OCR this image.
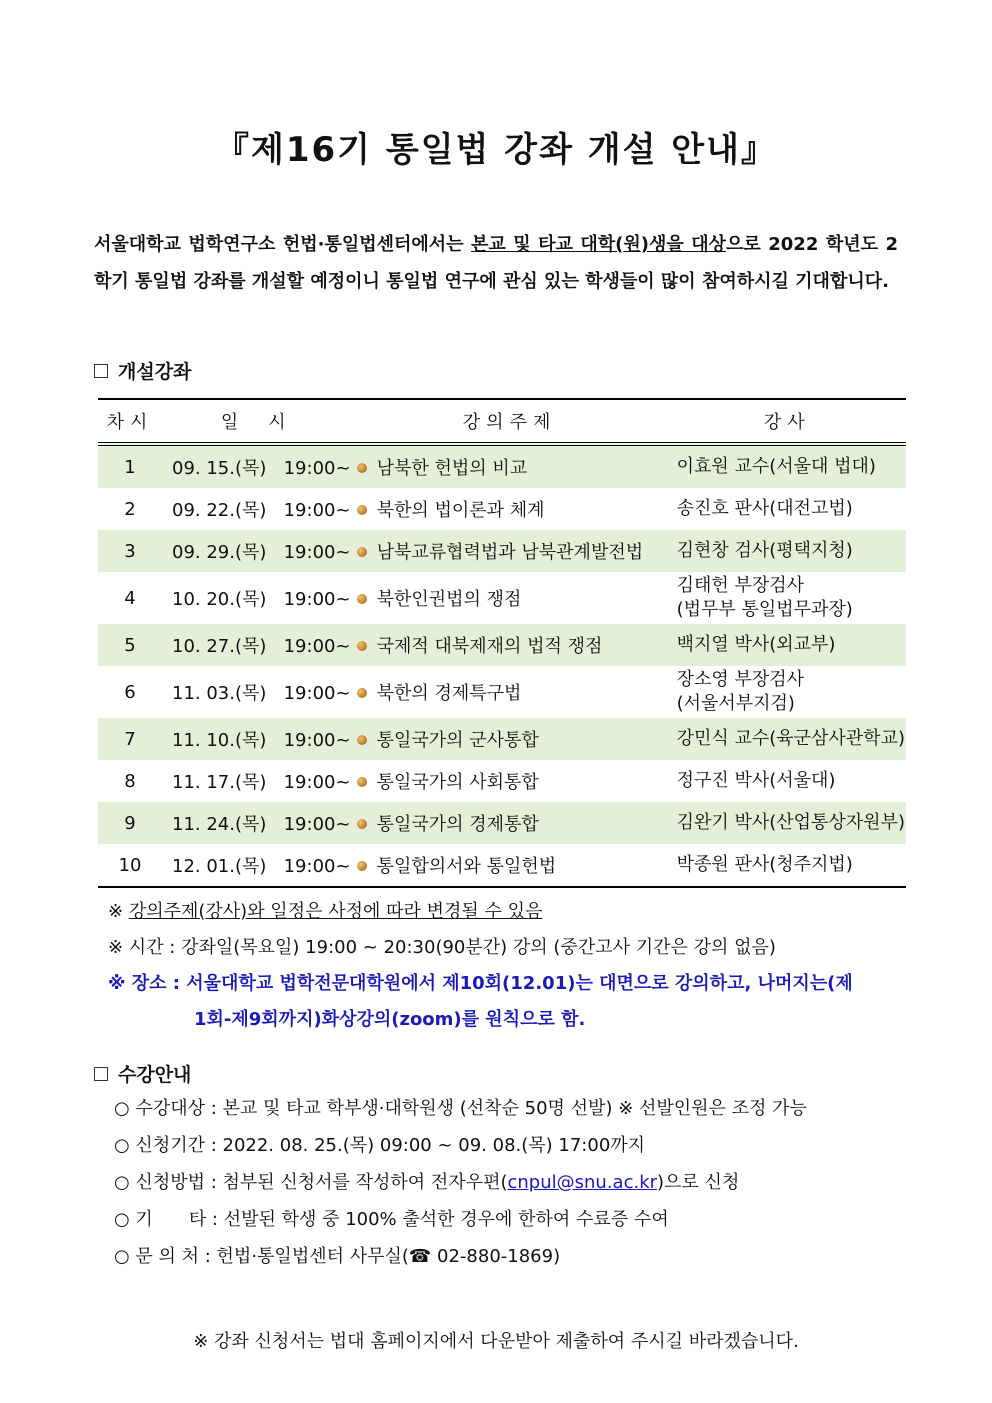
『제16기 통일법 강좌 개설 안내』
서울대학교 법학연구소 헌법·통일법센터에서는 본교 및 타교 대학(원)생을 대상으로 2022 학년도 2학기 통일법 강좌를 개설할 예정이니 통일법 연구에 관심 있는 학생들이 많이 참여하시길 기대합니다.
개설강좌
차시	일　시	강의주제	강사
1	09. 15.(목) 19:00~	남북한 헌법의 비교	이효원 교수(서울대 법대)
2	09. 22.(목) 19:00~	북한의 법이론과 체계	송진호 판사(대전고법)
3	09. 29.(목) 19:00~	남북교류협력법과 남북관계발전법	김현창 검사(평택지청)
4	10. 20.(목) 19:00~	북한인권법의 쟁점	김태헌 부장검사
(법무부 통일법무과장)

5	10. 27.(목) 19:00~	국제적 대북제재의 법적 쟁점	백지열 박사(외교부)
6	11. 03.(목) 19:00~	북한의 경제특구법	장소영 부장검사
(서울서부지검)

7	11. 10.(목) 19:00~	통일국가의 군사통합	강민식 교수(육군삼사관학교)
8	11. 17.(목) 19:00~	통일국가의 사회통합	정구진 박사(서울대)
9	11. 24.(목) 19:00~	통일국가의 경제통합	김완기 박사(산업통상자원부)
10	12. 01.(목) 19:00~	통일합의서와 통일헌법	박종원 판사(청주지법)
※ 강의주제(강사)와 일정은 사정에 따라 변경될 수 있음
※ 시간 : 강좌일(목요일) 19:00 ~ 20:30(90분간) 강의 (중간고사 기간은 강의 없음)
※ 장소 : 서울대학교 법학전문대학원에서 제10회(12.01)는 대면으로 강의하고, 나머지는(제
1회-제9회까지)화상강의(zoom)를 원칙으로 함.
수강안내
○ 수강대상 : 본교 및 타교 학부생·대학원생 (선착순 50명 선발) ※ 선발인원은 조정 가능
○ 신청기간 : 2022. 08. 25.(목) 09:00 ~ 09. 08.(목) 17:00까지
○ 신청방법 : 첨부된 신청서를 작성하여 전자우편(cnpul@snu.ac.kr)으로 신청
○ 기　　타 : 선발된 학생 중 100% 출석한 경우에 한하여 수료증 수여
○ 문 의 처 : 헌법·통일법센터 사무실(☎ 02-880-1869)
※ 강좌 신청서는 법대 홈페이지에서 다운받아 제출하여 주시길 바라겠습니다.
